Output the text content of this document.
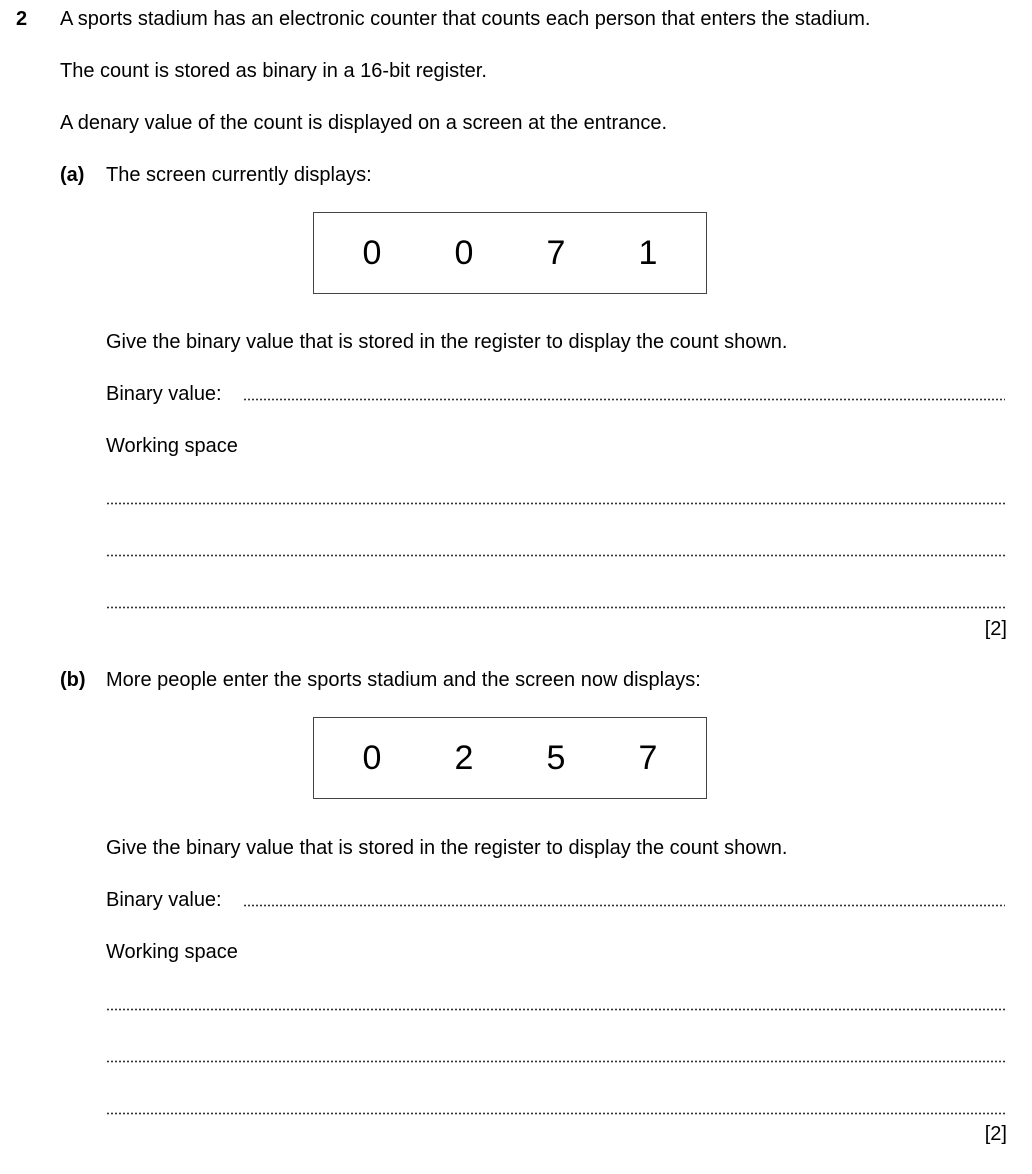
2 A sports stadium has an electronic counter that counts each person that enters the stadium.
The count is stored as binary in a 16-bit register.
A denary value of the count is displayed on a screen at the entrance.
(a) The screen currently displays:
0	0	7	1
Give the binary value that is stored in the register to display the count shown.
Binary value:
Working space
[2]
(b) More people enter the sports stadium and the screen now displays:
0	2	5	7
Give the binary value that is stored in the register to display the count shown.
Binary value:
Working space
[2]
